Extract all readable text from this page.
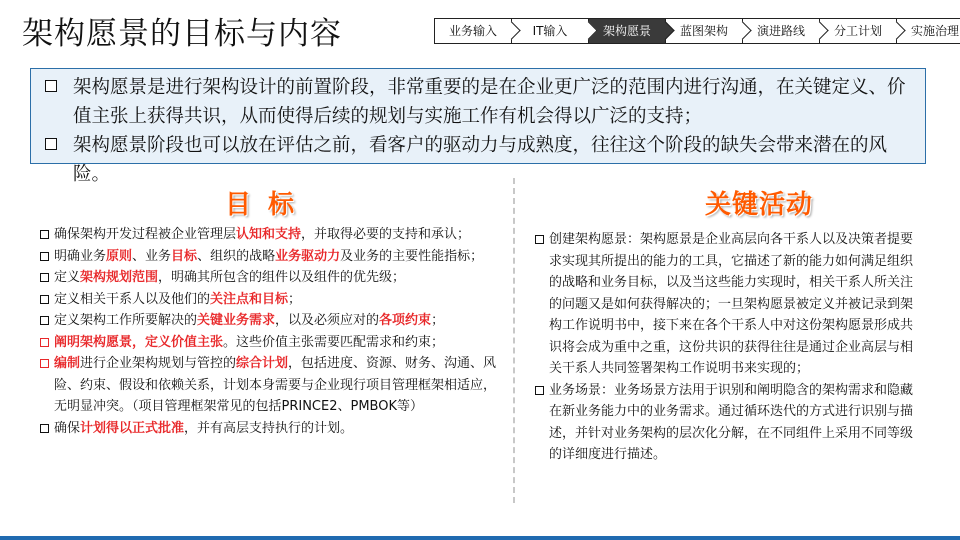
架构愿景的目标与内容	业务输入	IT输入	架构愿景	蓝图架构	演进路线	分工计划	实施治理
架构愿景是进行架构设计的前置阶段，非常重要的是在企业更广泛的范围内进行沟通，在关键定义、价值主张上获得共识，从而使得后续的规划与实施工作有机会得以广泛的支持；
架构愿景阶段也可以放在评估之前，看客户的驱动力与成熟度，往往这个阶段的缺失会带来潜在的风险。
目 标	关键活动
确保架构开发过程被企业管理层认知和支持，并取得必要的支持和承认；
明确业务原则、业务目标、组织的战略业务驱动力及业务的主要性能指标；
定义架构规划范围，明确其所包含的组件以及组件的优先级；
定义相关干系人以及他们的关注点和目标；
定义架构工作所要解决的关键业务需求，以及必须应对的各项约束；
阐明架构愿景，定义价值主张。这些价值主张需要匹配需求和约束；
编制进行企业架构规划与管控的综合计划，包括进度、资源、财务、沟通、风险、约束、假设和依赖关系，计划本身需要与企业现行项目管理框架相适应，无明显冲突。（项目管理框架常见的包括PRINCE2、PMBOK等）
确保计划得以正式批准，并有高层支持执行的计划。
创建架构愿景：架构愿景是企业高层向各干系人以及决策者提要求实现其所提出的能力的工具，它描述了新的能力如何满足组织的战略和业务目标，以及当这些能力实现时，相关干系人所关注的问题又是如何获得解决的；一旦架构愿景被定义并被记录到架构工作说明书中，接下来在各个干系人中对这份架构愿景形成共识将会成为重中之重，这份共识的获得往往是通过企业高层与相关干系人共同签署架构工作说明书来实现的；
业务场景：业务场景方法用于识别和阐明隐含的架构需求和隐藏在新业务能力中的业务需求。通过循环迭代的方式进行识别与描述，并针对业务架构的层次化分解，在不同组件上采用不同等级的详细度进行描述。
